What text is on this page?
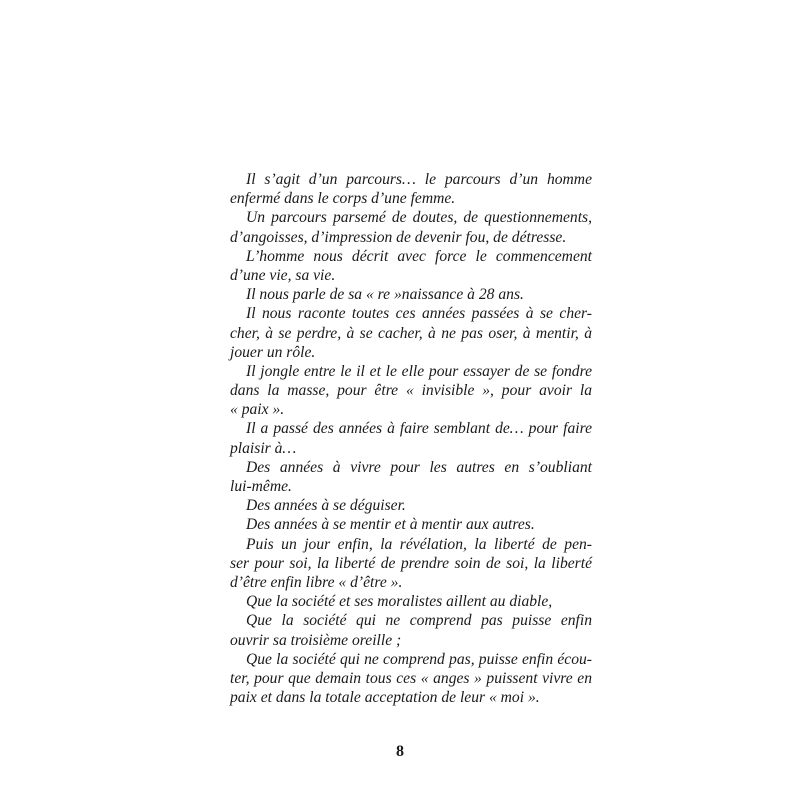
Il s’agit d’un parcours… le parcours d’un homme
enfermé dans le corps d’une femme.
Un parcours parsemé de doutes, de questionnements,
d’angoisses, d’impression de devenir fou, de détresse.
L’homme nous décrit avec force le commencement
d’une vie, sa vie.
Il nous parle de sa « re »naissance à 28 ans.
Il nous raconte toutes ces années passées à se cher-
cher, à se perdre, à se cacher, à ne pas oser, à mentir, à
jouer un rôle.
Il jongle entre le il et le elle pour essayer de se fondre
dans la masse, pour être « invisible », pour avoir la
« paix ».
Il a passé des années à faire semblant de… pour faire
plaisir à…
Des années à vivre pour les autres en s’oubliant
lui-même.
Des années à se déguiser.
Des années à se mentir et à mentir aux autres.
Puis un jour enfin, la révélation, la liberté de pen-
ser pour soi, la liberté de prendre soin de soi, la liberté
d’être enfin libre « d’être ».
Que la société et ses moralistes aillent au diable,
Que la société qui ne comprend pas puisse enfin
ouvrir sa troisième oreille ;
Que la société qui ne comprend pas, puisse enfin écou-
ter, pour que demain tous ces « anges » puissent vivre en
paix et dans la totale acceptation de leur « moi ».
8
